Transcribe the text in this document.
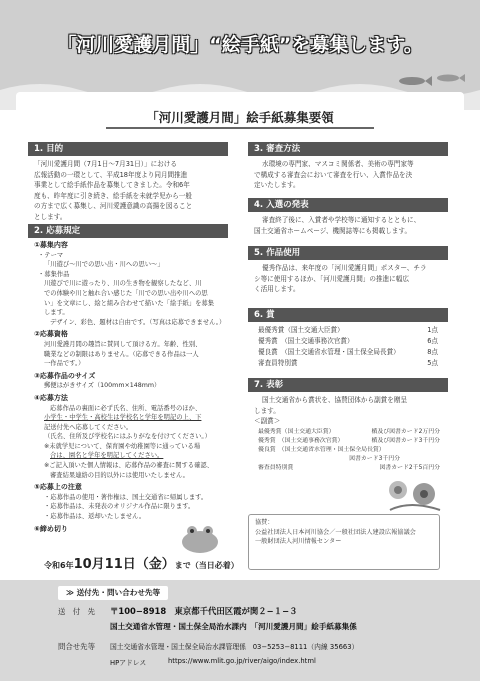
「河川愛護月間」“絵手紙”を募集します。
「河川愛護月間」絵手紙募集要領
1. 目的
「河川愛護月間（7月1日〜7月31日）」における
広報活動の一環として、平成18年度より同月間推進
事業として絵手紙作品を募集してきました。令和6年
度も、昨年度に引き続き、絵手紙を未就学児から一般
の方まで広く募集し、河川愛護意識の高揚を図ること
とします。
2. 応募規定
①募集内容
・テーマ
「川遊び〜川での思い出・川への思い〜」
・募集作品
川遊びで川に遊ったり、川の生き物を観察したなど、川
での体験や川と触れ合い感じた「川での思い出や川への思
い」を文章にし、絵と組み合わせて描いた「絵手紙」を募集
します。
デザイン、彩色、題材は自由です。（写真は応募できません。）
②応募資格
河川愛護月間の趣旨に賛同して頂ける方。年齢、性別、
職業などの制限はありません。（応募できる作品は一人
一作品です。）
③応募作品のサイズ
郵便はがきサイズ（100mm×148mm）
④応募方法
応募作品の裏面に必ず氏名、住所、電話番号のほか、
小学生・中学生・高校生は学校名と学年を明記の上、下
記送付先へ応募してください。
（氏名、住所及び学校名にはふりがなを付けてください。）
※未就学児について、保育園や幼稚園等に通っている場
合は、園名と学年を明記してください。
※ご記入頂いた個人情報は、応募作品の審査に関する確認、
審査結果連絡の目的以外には使用いたしません。
⑤応募上の注意
・応募作品の使用・著作権は、国土交通省に帰属します。
・応募作品は、未発表のオリジナル作品に限ります。
・応募作品は、返却いたしません。
⑥締め切り
令和6年10月11日（金）まで（当日必着）
3. 審査方法
水環境の専門家、マスコミ関係者、美術の専門家等
で構成する審査会において審査を行い、入賞作品を決
定いたします。
4. 入選の発表
審査終了後に、入賞者や学校等に通知するとともに、
国土交通省ホームページ、機関誌等にも掲載します。
5. 作品使用
優秀作品は、来年度の「河川愛護月間」ポスター、チラ
シ等に使用するほか、「河川愛護月間」の推進に幅広
く活用します。
6. 賞
最優秀賞（国土交通大臣賞）	1点
優秀賞　（国土交通事務次官賞）	6点
優良賞　（国土交通省水管理・国土保全局長賞）	8点
審査員特別賞	5点
7. 表彰
国土交通省から賞状を、協賛団体から副賞を贈呈
します。
＜副賞＞
最優秀賞（国土交通大臣賞）	楯及び図書カード2万円分
優秀賞　（国土交通事務次官賞）	楯及び図書カード3千円分
優良賞　（国土交通省水管理・国土保全局長賞）
図書カード3千円分
審査員特別賞	図書カード2千5百円分
協賛：
公益社団法人日本河川協会／一般社団法人建設広報協議会
一般財団法人河川情報センター
≫ 送付先・問い合わせ先等
送　付　先 〒100−8918　東京都千代田区霞が関２−１−３
国土交通省水管理・国土保全局治水課内　「河川愛護月間」絵手紙募集係
問合せ先等 国土交通省水管理・国土保全局治水課管理係　03−5253−8111（内線 35663）
HPアドレス	https://www.mlit.go.jp/river/aigo/index.html
